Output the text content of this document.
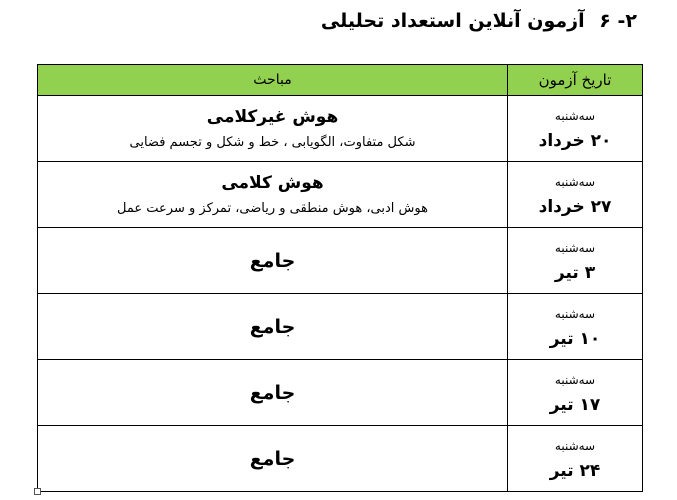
۲- ۶ آزمون آنلاین استعداد تحلیلی
تاریخ آزمون	مباحث

سه‌شنبه
۲۰ خرداد	هوش غیرکلامی
شکل متفاوت، الگویابی ، خط و شکل و تجسم فضایی

سه‌شنبه
۲۷ خرداد	هوش کلامی
هوش ادبی، هوش منطقی و ریاضی، تمرکز و سرعت عمل

سه‌شنبه
۳ تیر	جامع

سه‌شنبه
۱۰ تیر	جامع

سه‌شنبه
۱۷ تیر	جامع

سه‌شنبه
۲۴ تیر	جامع
